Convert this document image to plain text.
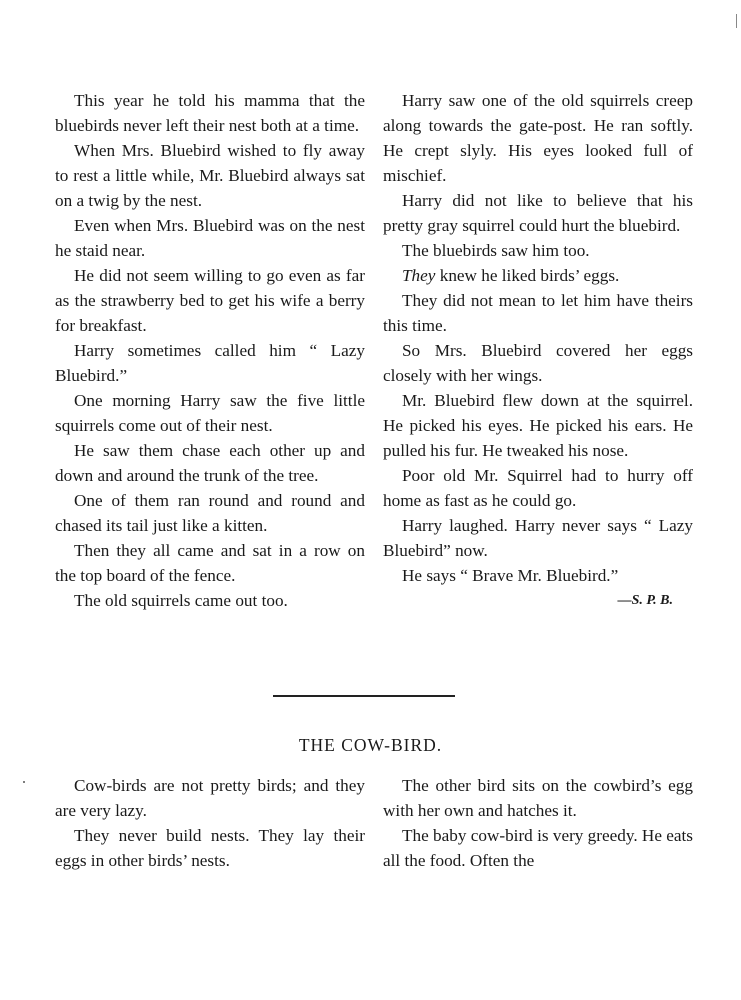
This year he told his mamma that the bluebirds never left their nest both at a time.

When Mrs. Bluebird wished to fly away to rest a little while, Mr. Bluebird always sat on a twig by the nest.

Even when Mrs. Bluebird was on the nest he staid near.

He did not seem willing to go even as far as the strawberry bed to get his wife a berry for breakfast.

Harry sometimes called him “ Lazy Bluebird.”

One morning Harry saw the five little squirrels come out of their nest.

He saw them chase each other up and down and around the trunk of the tree.

One of them ran round and round and chased its tail just like a kitten.

Then they all came and sat in a row on the top board of the fence.

The old squirrels came out too.

Harry saw one of the old squirrels creep along towards the gate-post. He ran softly. He crept slyly. His eyes looked full of mischief.

Harry did not like to believe that his pretty gray squirrel could hurt the bluebird.

The bluebirds saw him too.

They knew he liked birds’ eggs.

They did not mean to let him have theirs this time.

So Mrs. Bluebird covered her eggs closely with her wings.

Mr. Bluebird flew down at the squirrel. He picked his eyes. He picked his ears. He pulled his fur. He tweaked his nose.

Poor old Mr. Squirrel had to hurry off home as fast as he could go.

Harry laughed. Harry never says “ Lazy Bluebird” now.

He says “ Brave Mr. Bluebird.”

—S. P. B.

THE COW-BIRD.

Cow-birds are not pretty birds; and they are very lazy.

They never build nests. They lay their eggs in other birds’ nests.

The other bird sits on the cowbird’s egg with her own and hatches it.

The baby cow-bird is very greedy. He eats all the food. Often the
